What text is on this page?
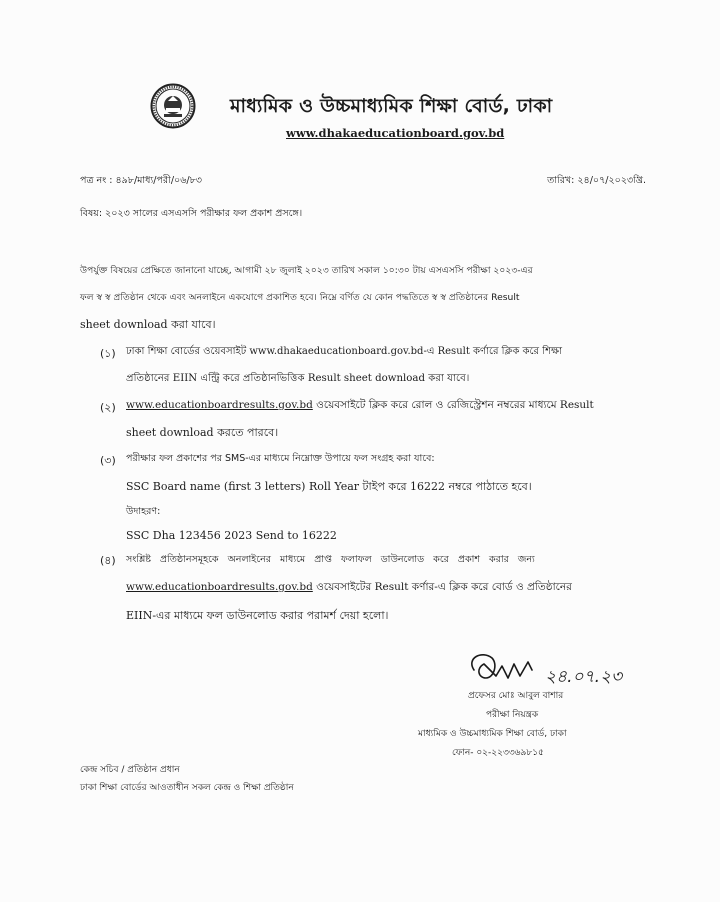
মাধ্যমিক ও উচ্চমাধ্যমিক শিক্ষা বোর্ড, ঢাকা
www.dhakaeducationboard.gov.bd
পত্র নং : ৪৯৮/মাধ্য/পরী/০৬/৮৩	তারিখ: ২৪/০৭/২০২৩খ্রি.
বিষয়: ২০২৩ সালের এসএসসি পরীক্ষার ফল প্রকাশ প্রসঙ্গে।
উপর্যুক্ত বিষয়ের প্রেক্ষিতে জানানো যাচ্ছে, আগামী ২৮ জুলাই ২০২৩ তারিখ সকাল ১০:৩০ টায় এসএসসি পরীক্ষা ২০২৩-এর
ফল স্ব স্ব প্রতিষ্ঠান থেকে এবং অনলাইনে একযোগে প্রকাশিত হবে। নিম্নে বর্ণিত যে কোন পদ্ধতিতে স্ব স্ব প্রতিষ্ঠানের Result
sheet download করা যাবে।
(১) ঢাকা শিক্ষা বোর্ডের ওয়েবসাইট www.dhakaeducationboard.gov.bd-এ Result কর্ণারে ক্লিক করে শিক্ষা
প্রতিষ্ঠানের EIIN এন্ট্রি করে প্রতিষ্ঠানভিত্তিক Result sheet download করা যাবে।
(২) www.educationboardresults.gov.bd ওয়েবসাইটে ক্লিক করে রোল ও রেজিস্ট্রেশন নম্বরের মাধ্যমে Result
sheet download করতে পারবে।
(৩) পরীক্ষার ফল প্রকাশের পর SMS-এর মাধ্যমে নিম্নোক্ত উপায়ে ফল সংগ্রহ করা যাবে:
SSC Board name (first 3 letters) Roll Year টাইপ করে 16222 নম্বরে পাঠাতে হবে।
উদাহরণ:
SSC Dha 123456 2023 Send to 16222
(৪) সংশ্লিষ্ট প্রতিষ্ঠানসমূহকে অনলাইনের মাধ্যমে প্রাপ্ত ফলাফল ডাউনলোড করে প্রকাশ করার জন্য
www.educationboardresults.gov.bd ওয়েবসাইটের Result কর্ণার-এ ক্লিক করে বোর্ড ও প্রতিষ্ঠানের
EIIN-এর মাধ্যমে ফল ডাউনলোড করার পরামর্শ দেয়া হলো।
২৪.০৭.২৩
প্রফেসর মোঃ আবুল বাশার
পরীক্ষা নিয়ন্ত্রক
মাধ্যমিক ও উচ্চমাধ্যমিক শিক্ষা বোর্ড, ঢাকা
ফোন- ০২-২২৩৩৬৯৮১৫
কেন্দ্র সচিব / প্রতিষ্ঠান প্রধান
ঢাকা শিক্ষা বোর্ডের আওতাধীন সকল কেন্দ্র ও শিক্ষা প্রতিষ্ঠান
